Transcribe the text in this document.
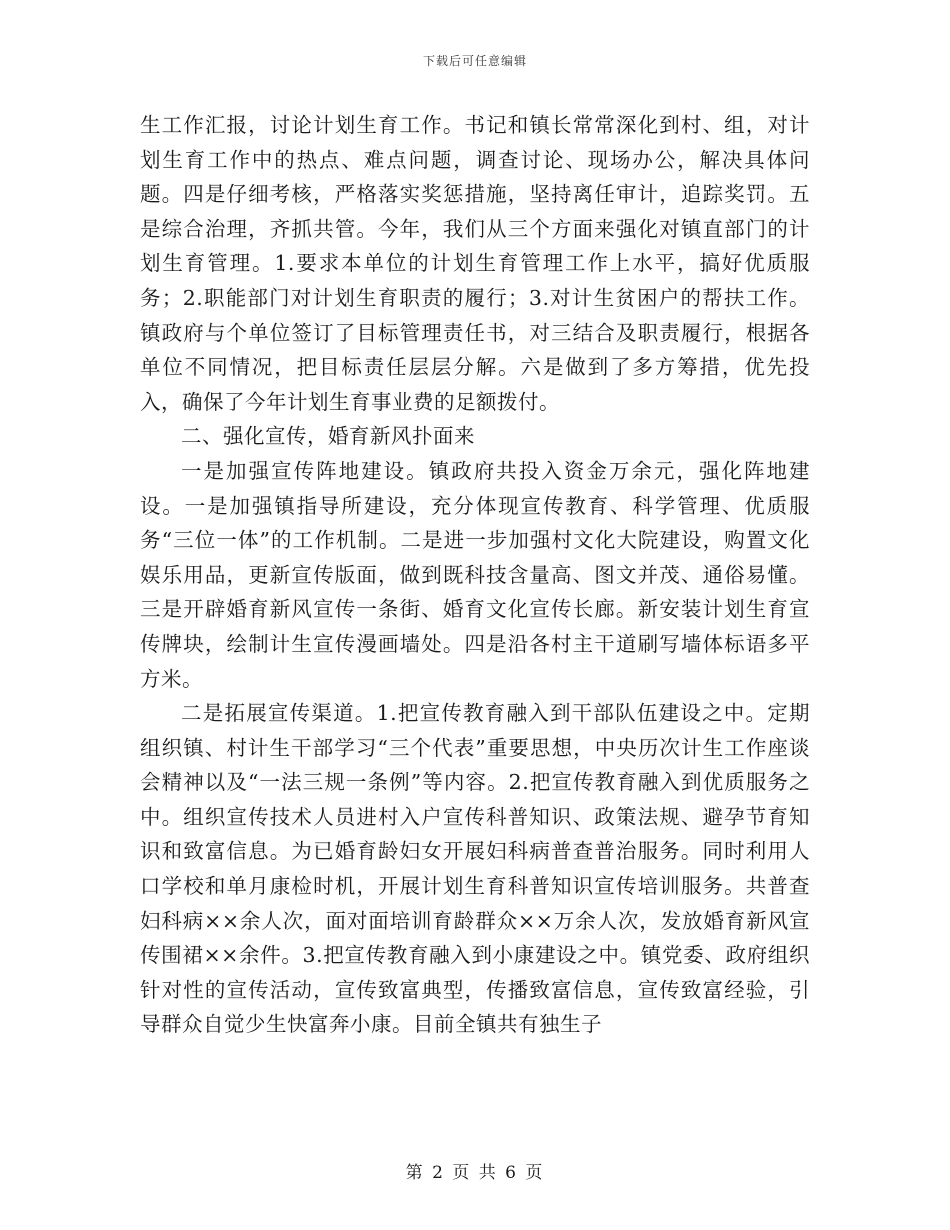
下载后可任意编辑

生工作汇报，讨论计划生育工作。书记和镇长常常深化到村、组，对计划生育工作中的热点、难点问题，调查讨论、现场办公，解决具体问题。四是仔细考核，严格落实奖惩措施，坚持离任审计，追踪奖罚。五是综合治理，齐抓共管。今年，我们从三个方面来强化对镇直部门的计划生育管理。1.要求本单位的计划生育管理工作上水平，搞好优质服务；2.职能部门对计划生育职责的履行；3.对计生贫困户的帮扶工作。镇政府与个单位签订了目标管理责任书，对三结合及职责履行，根据各单位不同情况，把目标责任层层分解。六是做到了多方筹措，优先投入，确保了今年计划生育事业费的足额拨付。

二、强化宣传，婚育新风扑面来

一是加强宣传阵地建设。镇政府共投入资金万余元，强化阵地建设。一是加强镇指导所建设，充分体现宣传教育、科学管理、优质服务“三位一体”的工作机制。二是进一步加强村文化大院建设，购置文化娱乐用品，更新宣传版面，做到既科技含量高、图文并茂、通俗易懂。三是开辟婚育新风宣传一条街、婚育文化宣传长廊。新安装计划生育宣传牌块，绘制计生宣传漫画墙处。四是沿各村主干道刷写墙体标语多平方米。

二是拓展宣传渠道。1.把宣传教育融入到干部队伍建设之中。定期组织镇、村计生干部学习“三个代表”重要思想，中央历次计生工作座谈会精神以及“一法三规一条例”等内容。2.把宣传教育融入到优质服务之中。组织宣传技术人员进村入户宣传科普知识、政策法规、避孕节育知识和致富信息。为已婚育龄妇女开展妇科病普查普治服务。同时利用人口学校和单月康检时机，开展计划生育科普知识宣传培训服务。共普查妇科病××余人次，面对面培训育龄群众××万余人次，发放婚育新风宣传围裙××余件。3.把宣传教育融入到小康建设之中。镇党委、政府组织针对性的宣传活动，宣传致富典型，传播致富信息，宣传致富经验，引导群众自觉少生快富奔小康。目前全镇共有独生子

第 2 页 共 6 页
